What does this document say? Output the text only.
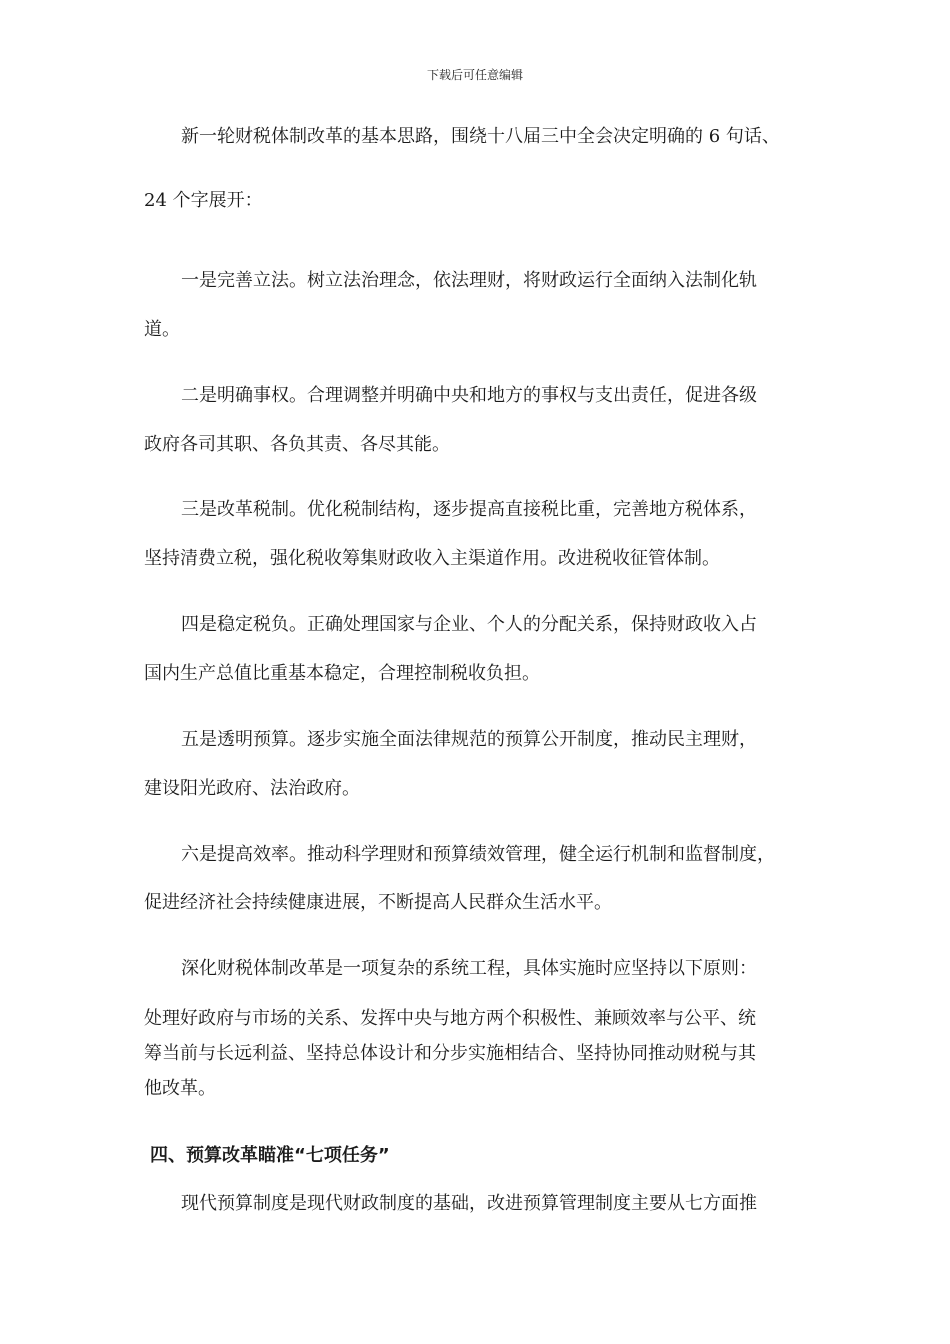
下载后可任意编辑
新一轮财税体制改革的基本思路，围绕十八届三中全会决定明确的 6 句话、
24 个字展开：
一是完善立法。树立法治理念，依法理财，将财政运行全面纳入法制化轨
道。
二是明确事权。合理调整并明确中央和地方的事权与支出责任，促进各级
政府各司其职、各负其责、各尽其能。
三是改革税制。优化税制结构，逐步提高直接税比重，完善地方税体系，
坚持清费立税，强化税收筹集财政收入主渠道作用。改进税收征管体制。
四是稳定税负。正确处理国家与企业、个人的分配关系，保持财政收入占
国内生产总值比重基本稳定，合理控制税收负担。
五是透明预算。逐步实施全面法律规范的预算公开制度，推动民主理财，
建设阳光政府、法治政府。
六是提高效率。推动科学理财和预算绩效管理，健全运行机制和监督制度，
促进经济社会持续健康进展，不断提高人民群众生活水平。
深化财税体制改革是一项复杂的系统工程，具体实施时应坚持以下原则：
处理好政府与市场的关系、发挥中央与地方两个积极性、兼顾效率与公平、统
筹当前与长远利益、坚持总体设计和分步实施相结合、坚持协同推动财税与其
他改革。
四、预算改革瞄准“七项任务”
现代预算制度是现代财政制度的基础，改进预算管理制度主要从七方面推
